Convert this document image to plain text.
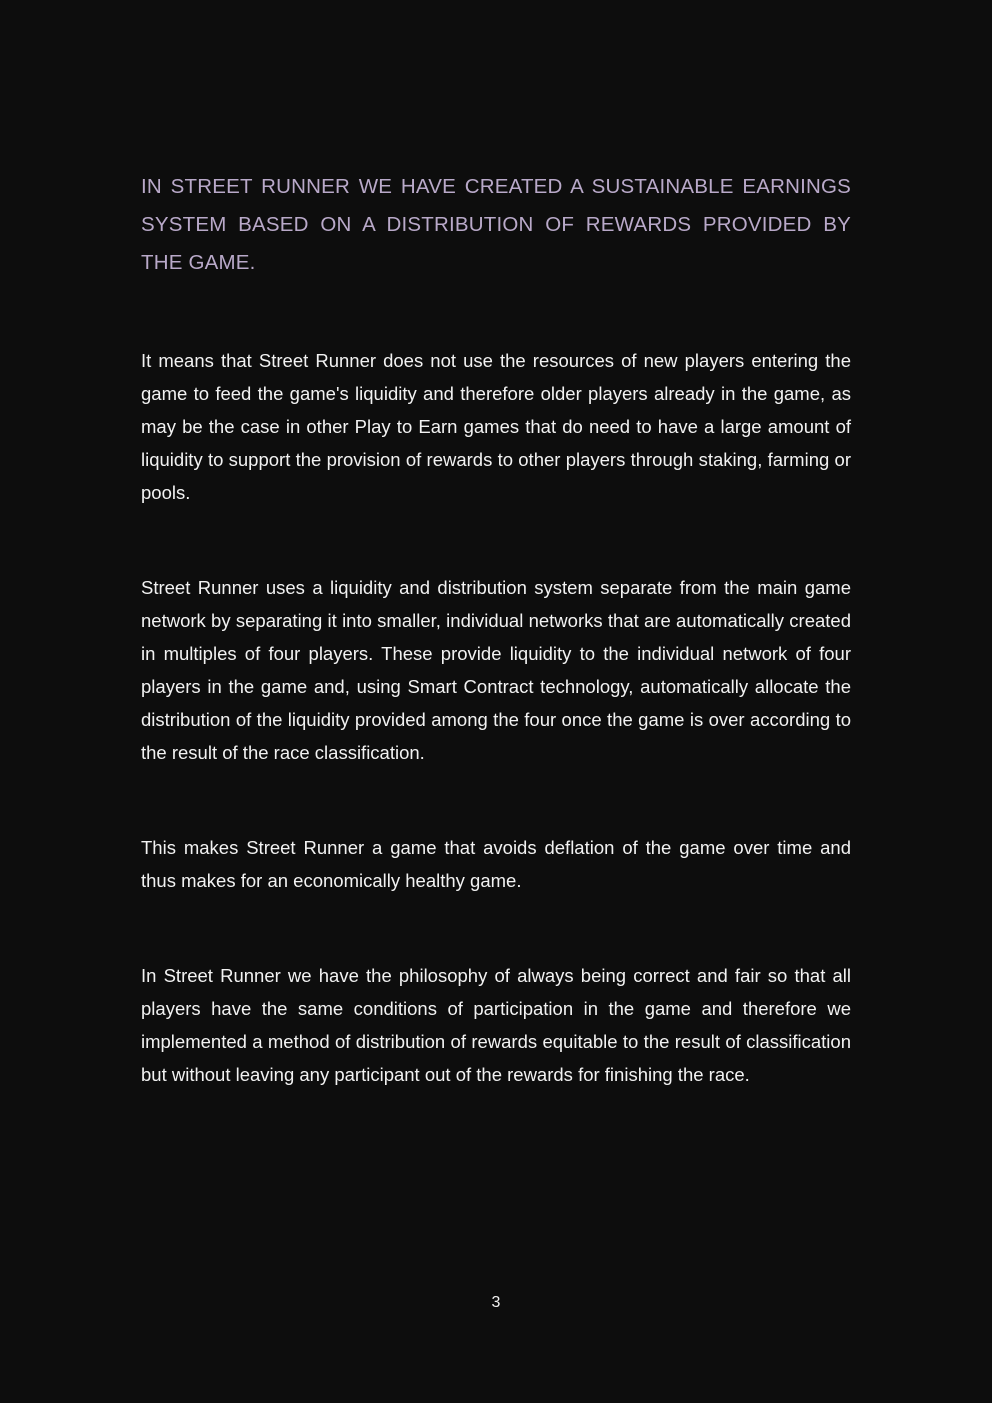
IN STREET RUNNER WE HAVE CREATED A SUSTAINABLE EARNINGS SYSTEM BASED ON A DISTRIBUTION OF REWARDS PROVIDED BY THE GAME.

It means that Street Runner does not use the resources of new players entering the game to feed the game's liquidity and therefore older players already in the game, as may be the case in other Play to Earn games that do need to have a large amount of liquidity to support the provision of rewards to other players through staking, farming or pools.

Street Runner uses a liquidity and distribution system separate from the main game network by separating it into smaller, individual networks that are automatically created in multiples of four players. These provide liquidity to the individual network of four players in the game and, using Smart Contract technology, automatically allocate the distribution of the liquidity provided among the four once the game is over according to the result of the race classification.

This makes Street Runner a game that avoids deflation of the game over time and thus makes for an economically healthy game.

In Street Runner we have the philosophy of always being correct and fair so that all players have the same conditions of participation in the game and therefore we implemented a method of distribution of rewards equitable to the result of classification but without leaving any participant out of the rewards for finishing the race.

3
